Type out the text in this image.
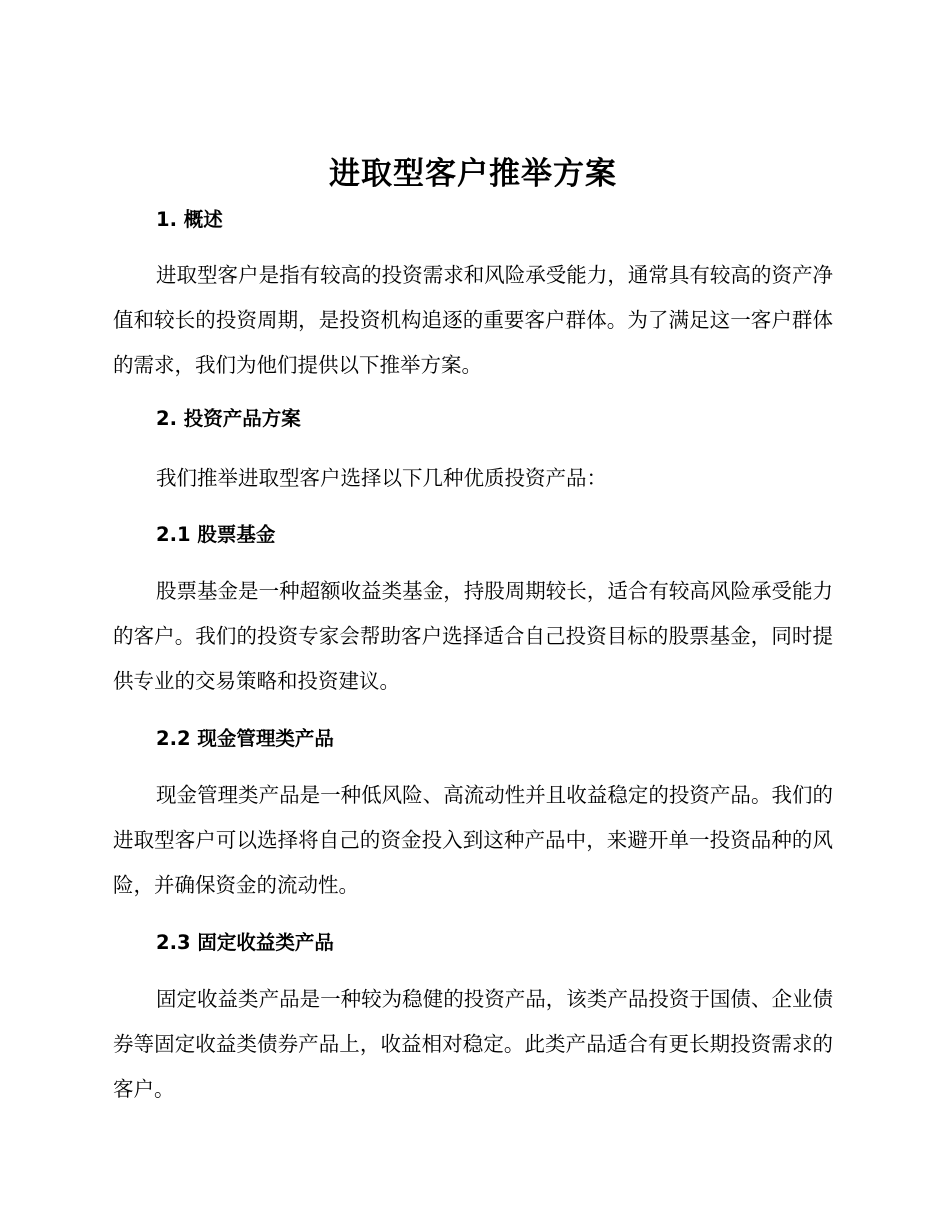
进取型客户推举方案
1. 概述

进取型客户是指有较高的投资需求和风险承受能力，通常具有较高的资产净值和较长的投资周期，是投资机构追逐的重要客户群体。为了满足这一客户群体的需求，我们为他们提供以下推举方案。

2. 投资产品方案

我们推举进取型客户选择以下几种优质投资产品：

2.1 股票基金

股票基金是一种超额收益类基金，持股周期较长，适合有较高风险承受能力的客户。我们的投资专家会帮助客户选择适合自己投资目标的股票基金，同时提供专业的交易策略和投资建议。

2.2 现金管理类产品

现金管理类产品是一种低风险、高流动性并且收益稳定的投资产品。我们的进取型客户可以选择将自己的资金投入到这种产品中，来避开单一投资品种的风险，并确保资金的流动性。

2.3 固定收益类产品

固定收益类产品是一种较为稳健的投资产品，该类产品投资于国债、企业债券等固定收益类债券产品上，收益相对稳定。此类产品适合有更长期投资需求的客户。
